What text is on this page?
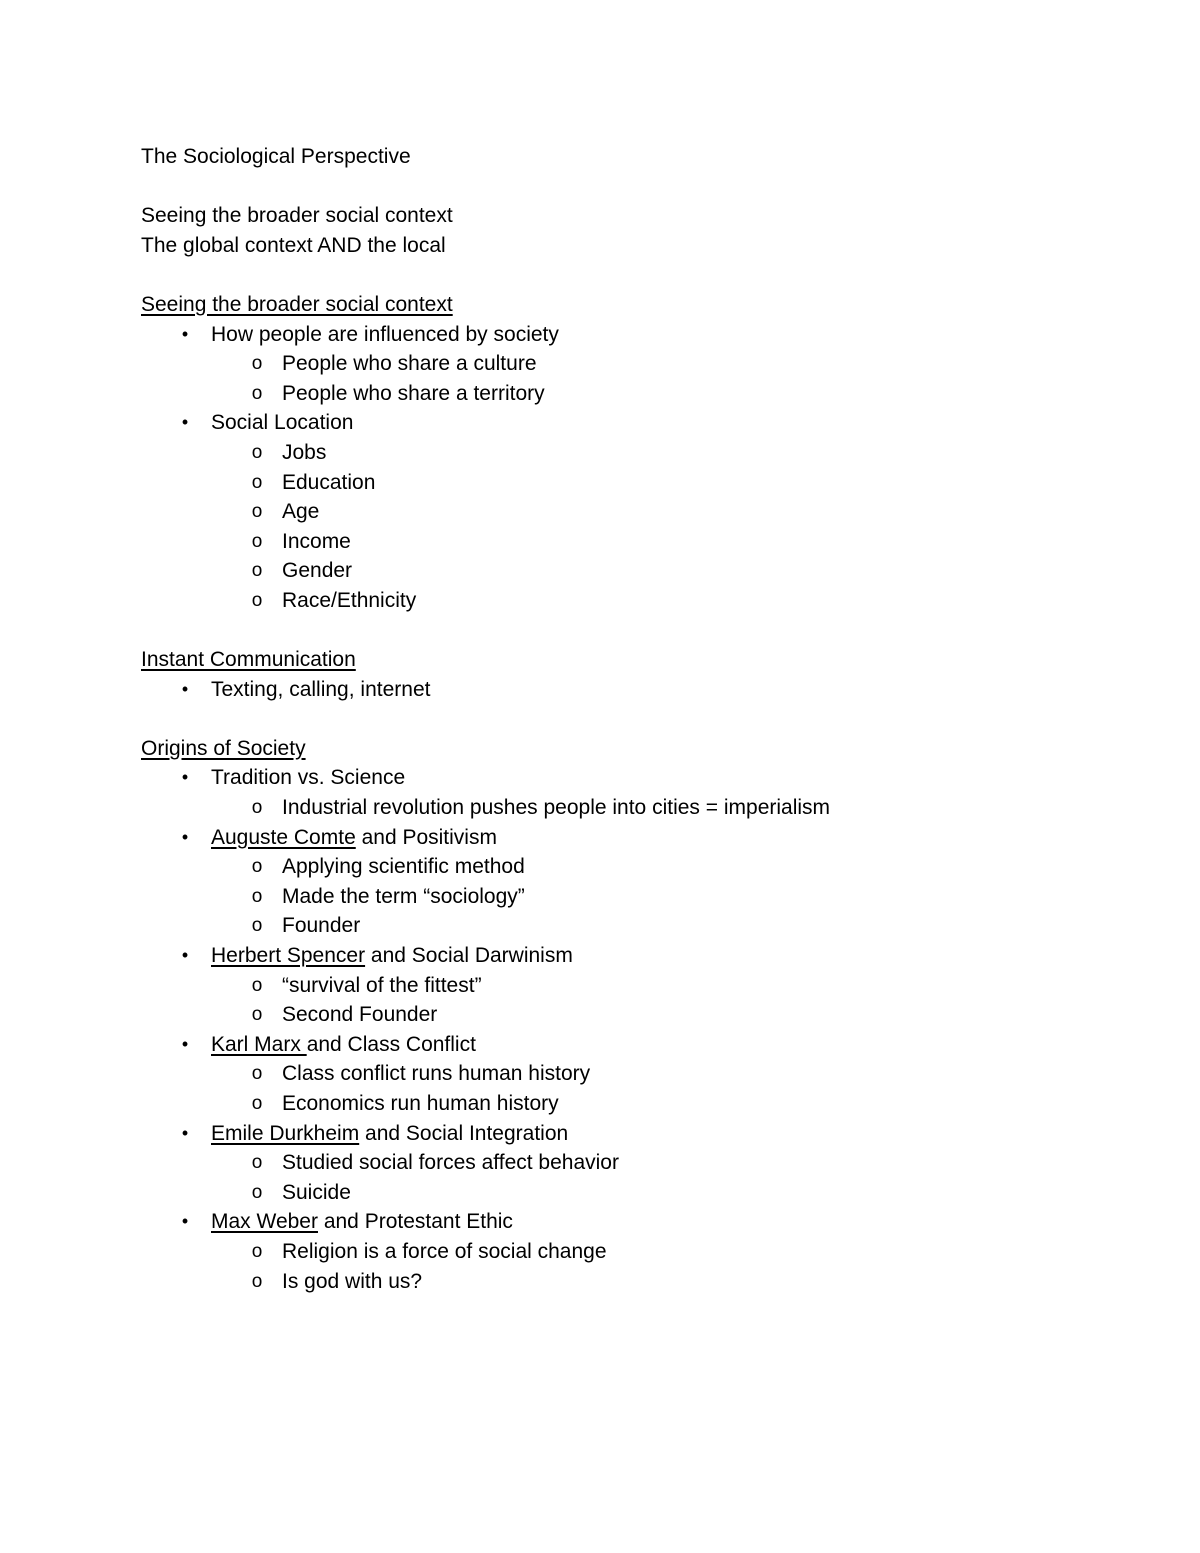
The Sociological Perspective
Seeing the broader social context
The global context AND the local
Seeing the broader social context
•	How people are influenced by society
o People who share a culture
o People who share a territory
•	Social Location
o Jobs
o Education
o Age
o Income
o Gender
o Race/Ethnicity
Instant Communication
•	Texting, calling, internet
Origins of Society
•	Tradition vs. Science
o Industrial revolution pushes people into cities = imperialism
•	Auguste Comte and Positivism
o Applying scientific method
o Made the term “sociology”
o Founder
•	Herbert Spencer and Social Darwinism
o “survival of the fittest”
o Second Founder
•	Karl Marx and Class Conflict
o Class conflict runs human history
o Economics run human history
•	Emile Durkheim and Social Integration
o Studied social forces affect behavior
o Suicide
•	Max Weber and Protestant Ethic
o Religion is a force of social change
o Is god with us?
